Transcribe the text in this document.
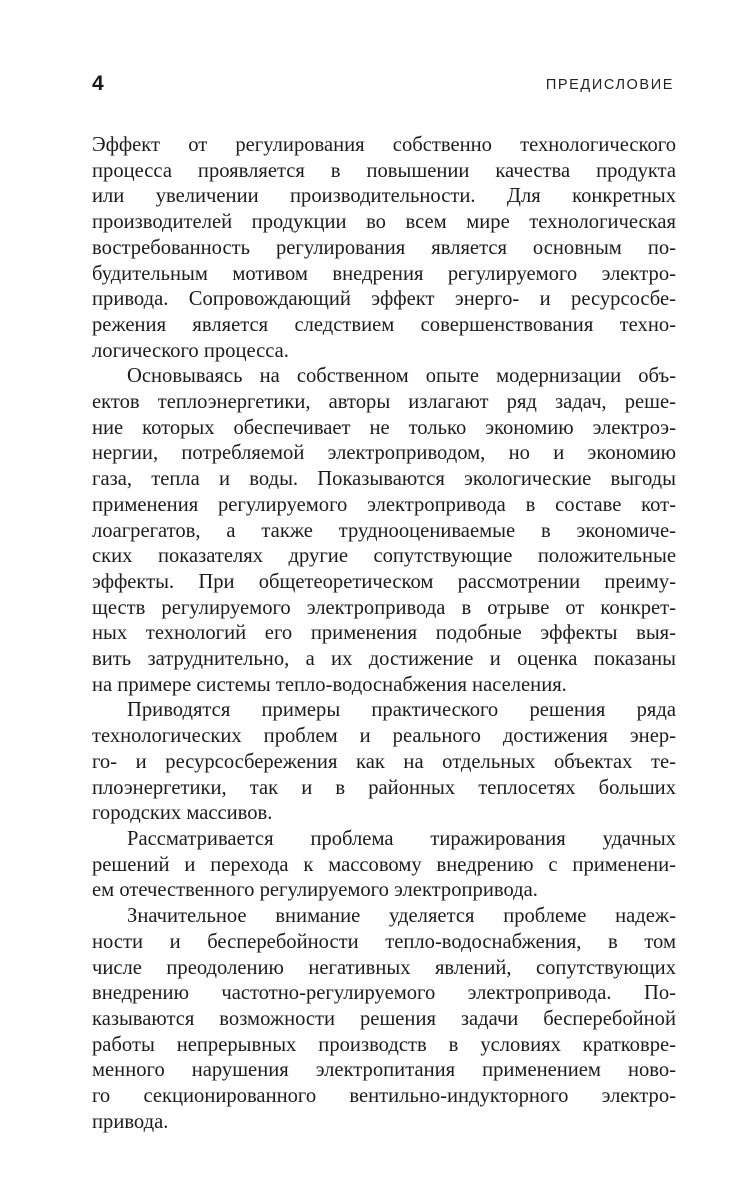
4	ПРЕДИСЛОВИЕ
Эффект от регулирования собственно технологического
процесса проявляется в повышении качества продукта
или увеличении производительности. Для конкретных
производителей продукции во всем мире технологическая
востребованность регулирования является основным по-
будительным мотивом внедрения регулируемого электро-
привода. Сопровождающий эффект энерго- и ресурсосбе-
режения является следствием совершенствования техно-
логического процесса.
Основываясь на собственном опыте модернизации объ-
ектов теплоэнергетики, авторы излагают ряд задач, реше-
ние которых обеспечивает не только экономию электроэ-
нергии, потребляемой электроприводом, но и экономию
газа, тепла и воды. Показываются экологические выгоды
применения регулируемого электропривода в составе кот-
лоагрегатов, а также труднооцениваемые в экономиче-
ских показателях другие сопутствующие положительные
эффекты. При общетеоретическом рассмотрении преиму-
ществ регулируемого электропривода в отрыве от конкрет-
ных технологий его применения подобные эффекты выя-
вить затруднительно, а их достижение и оценка показаны
на примере системы тепло-водоснабжения населения.
Приводятся примеры практического решения ряда
технологических проблем и реального достижения энер-
го- и ресурсосбережения как на отдельных объектах те-
плоэнергетики, так и в районных теплосетях больших
городских массивов.
Рассматривается проблема тиражирования удачных
решений и перехода к массовому внедрению с применени-
ем отечественного регулируемого электропривода.
Значительное внимание уделяется проблеме надеж-
ности и бесперебойности тепло-водоснабжения, в том
числе преодолению негативных явлений, сопутствующих
внедрению частотно-регулируемого электропривода. По-
казываются возможности решения задачи бесперебойной
работы непрерывных производств в условиях кратковре-
менного нарушения электропитания применением ново-
го секционированного вентильно-индукторного электро-
привода.
